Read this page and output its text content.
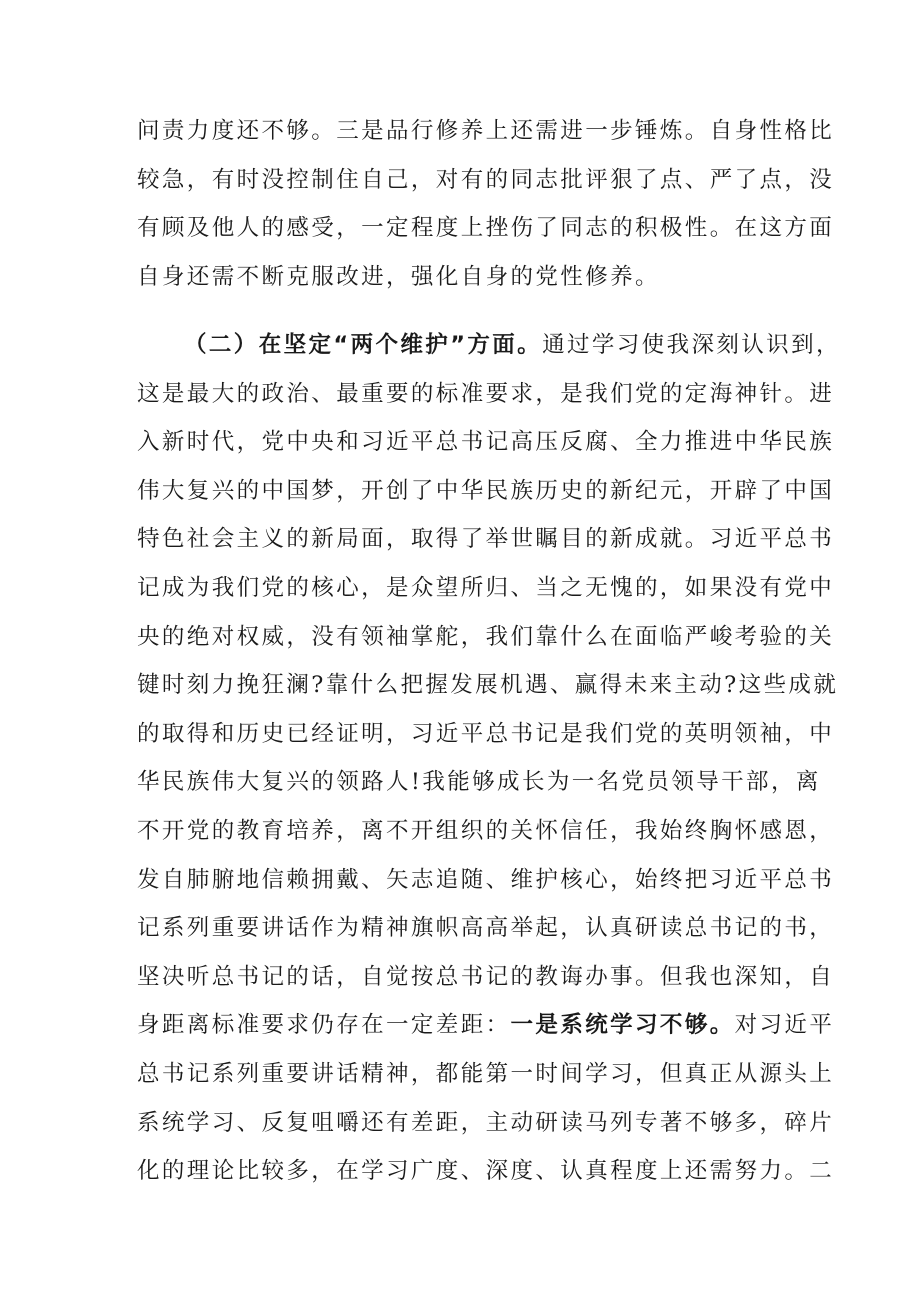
问责力度还不够。三是品行修养上还需进一步锤炼。自身性格比
较急，有时没控制住自己，对有的同志批评狠了点、严了点，没
有顾及他人的感受，一定程度上挫伤了同志的积极性。在这方面
自身还需不断克服改进，强化自身的党性修养。
（二）在坚定“两个维护”方面。通过学习使我深刻认识到，
这是最大的政治、最重要的标准要求，是我们党的定海神针。进
入新时代，党中央和习近平总书记高压反腐、全力推进中华民族
伟大复兴的中国梦，开创了中华民族历史的新纪元，开辟了中国
特色社会主义的新局面，取得了举世瞩目的新成就。习近平总书
记成为我们党的核心，是众望所归、当之无愧的，如果没有党中
央的绝对权威，没有领袖掌舵，我们靠什么在面临严峻考验的关
键时刻力挽狂澜?靠什么把握发展机遇、赢得未来主动?这些成就
的取得和历史已经证明，习近平总书记是我们党的英明领袖，中
华民族伟大复兴的领路人!我能够成长为一名党员领导干部，离
不开党的教育培养，离不开组织的关怀信任，我始终胸怀感恩，
发自肺腑地信赖拥戴、矢志追随、维护核心，始终把习近平总书
记系列重要讲话作为精神旗帜高高举起，认真研读总书记的书，
坚决听总书记的话，自觉按总书记的教诲办事。但我也深知，自
身距离标准要求仍存在一定差距：一是系统学习不够。对习近平
总书记系列重要讲话精神，都能第一时间学习，但真正从源头上
系统学习、反复咀嚼还有差距，主动研读马列专著不够多，碎片
化的理论比较多，在学习广度、深度、认真程度上还需努力。二
